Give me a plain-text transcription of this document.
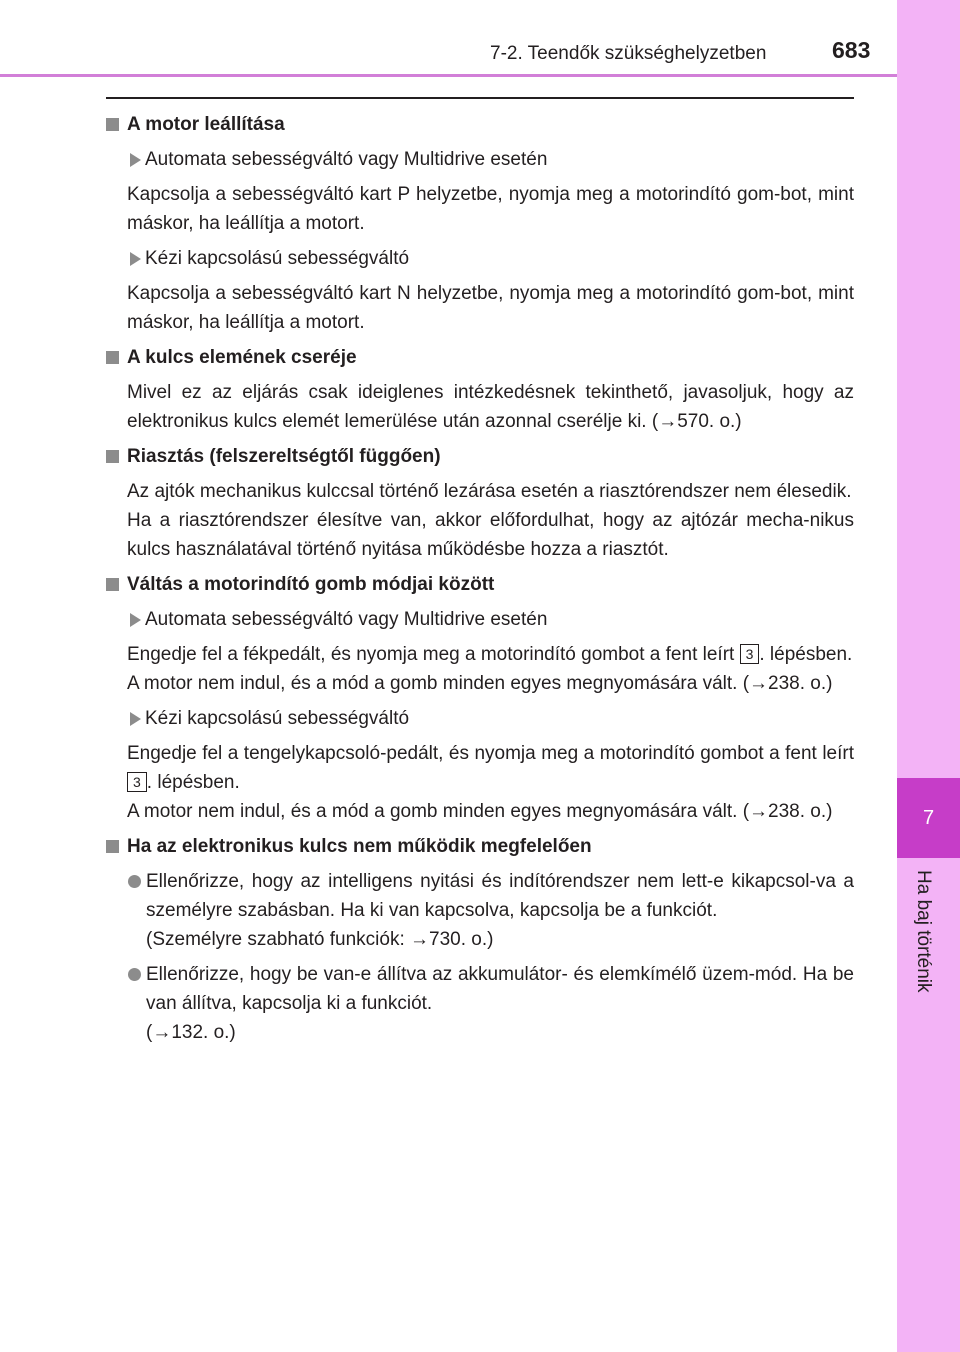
7
Ha baj történik
7-2. Teendők szükséghelyzetben	683
A motor leállítása
Automata sebességváltó vagy Multidrive esetén

Kapcsolja a sebességváltó kart P helyzetbe, nyomja meg a motorindító gom-bot, mint máskor, ha leállítja a motort.

Kézi kapcsolású sebességváltó

Kapcsolja a sebességváltó kart N helyzetbe, nyomja meg a motorindító gom-bot, mint máskor, ha leállítja a motort.

A kulcs elemének cseréje

Mivel ez az eljárás csak ideiglenes intézkedésnek tekinthető, javasoljuk, hogy az elektronikus kulcs elemét lemerülése után azonnal cserélje ki. (→570. o.)

Riasztás (felszereltségtől függően)

Az ajtók mechanikus kulccsal történő lezárása esetén a riasztórendszer nem élesedik.

Ha a riasztórendszer élesítve van, akkor előfordulhat, hogy az ajtózár mecha-nikus kulcs használatával történő nyitása működésbe hozza a riasztót.

Váltás a motorindító gomb módjai között
Automata sebességváltó vagy Multidrive esetén

Engedje fel a fékpedált, és nyomja meg a motorindító gombot a fent leírt 3 . lépésben.

A motor nem indul, és a mód a gomb minden egyes megnyomására vált. (→238. o.)

Kézi kapcsolású sebességváltó

Engedje fel a tengelykapcsoló-pedált, és nyomja meg a motorindító gombot a fent leírt 3 . lépésben.

A motor nem indul, és a mód a gomb minden egyes megnyomására vált. (→238. o.)

Ha az elektronikus kulcs nem működik megfelelően
Ellenőrizze, hogy az intelligens nyitási és indítórendszer nem lett-e kikapcsol-va a személyre szabásban. Ha ki van kapcsolva, kapcsolja be a funkciót.
(Személyre szabható funkciók: →730. o.)
Ellenőrizze, hogy be van-e állítva az akkumulátor- és elemkímélő üzem-mód. Ha be van állítva, kapcsolja ki a funkciót.
(→132. o.)
